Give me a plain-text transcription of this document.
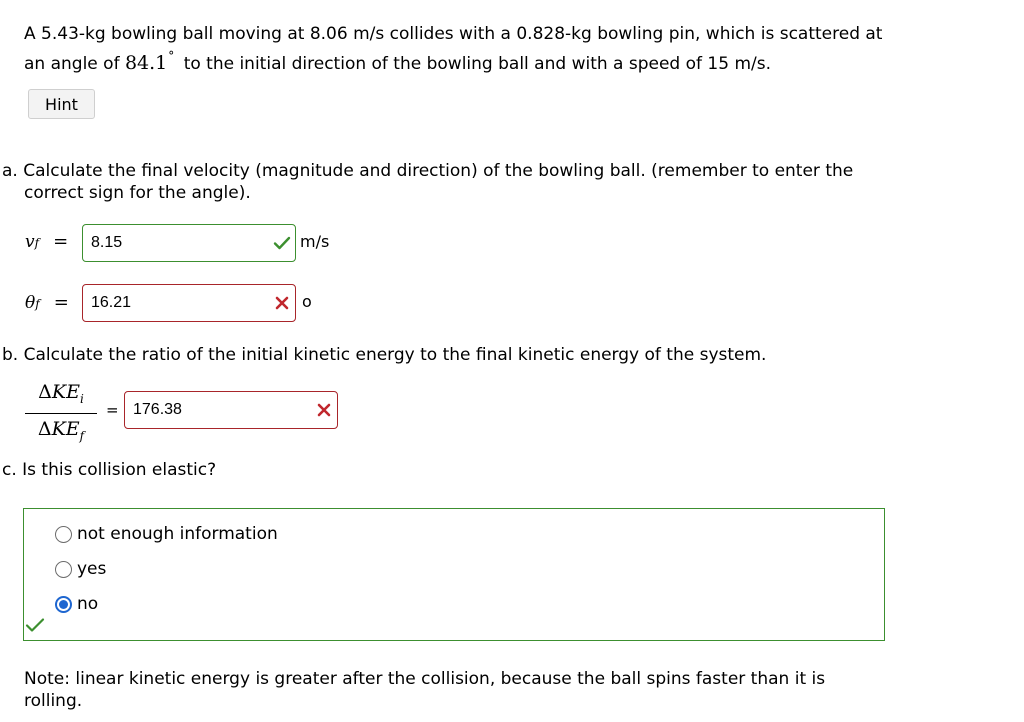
A 5.43-kg bowling ball moving at 8.06 m/s collides with a 0.828-kg bowling pin, which is scattered at
an angle of 84.1° to the initial direction of the bowling ball and with a speed of 15 m/s.
Hint
a. Calculate the final velocity (magnitude and direction) of the bowling ball. (remember to enter the
correct sign for the angle).
v f =
8.15	m/s
θ f =
16.21	o
b. Calculate the ratio of the initial kinetic energy to the final kinetic energy of the system.
$\Delta KE_i$
$\Delta KE_f$
=
176.38
c. Is this collision elastic?
not enough information
yes
no
Note: linear kinetic energy is greater after the collision, because the ball spins faster than it is
rolling.
